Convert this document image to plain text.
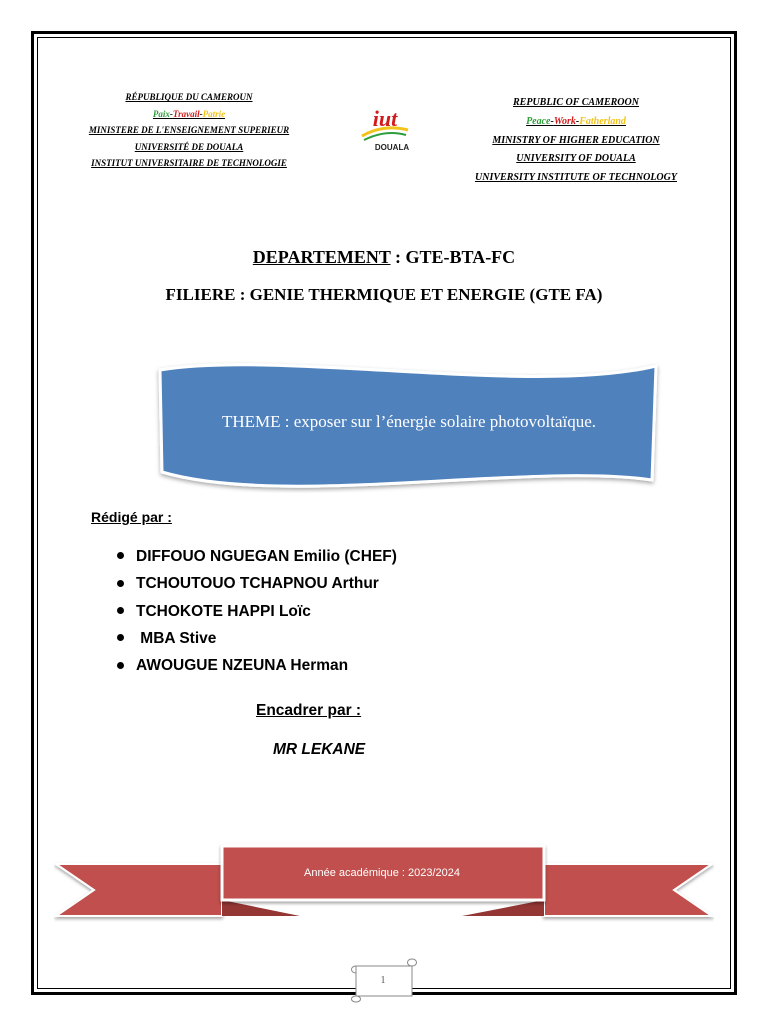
RÉPUBLIQUE DU CAMEROUN
Paix-Travail-Patrie
MINISTERE DE L'ENSEIGNEMENT SUPERIEUR
UNIVERSITÉ DE DOUALA
INSTITUT UNIVERSITAIRE DE TECHNOLOGIE
iut
DOUALA
REPUBLIC OF CAMEROON
Peace-Work-Fatherland
MINISTRY OF HIGHER EDUCATION
UNIVERSITY OF DOUALA
UNIVERSITY INSTITUTE OF TECHNOLOGY
DEPARTEMENT : GTE-BTA-FC
FILIERE : GENIE THERMIQUE ET ENERGIE (GTE FA)
THEME : exposer sur l’énergie solaire photovoltaïque.
Rédigé par :
DIFFOUO NGUEGAN Emilio (CHEF)
TCHOUTOUO TCHAPNOU Arthur
TCHOKOTE HAPPI Loïc
MBA Stive
AWOUGUE NZEUNA Herman
Encadrer par :
MR LEKANE
Année académique : 2023/2024
1
